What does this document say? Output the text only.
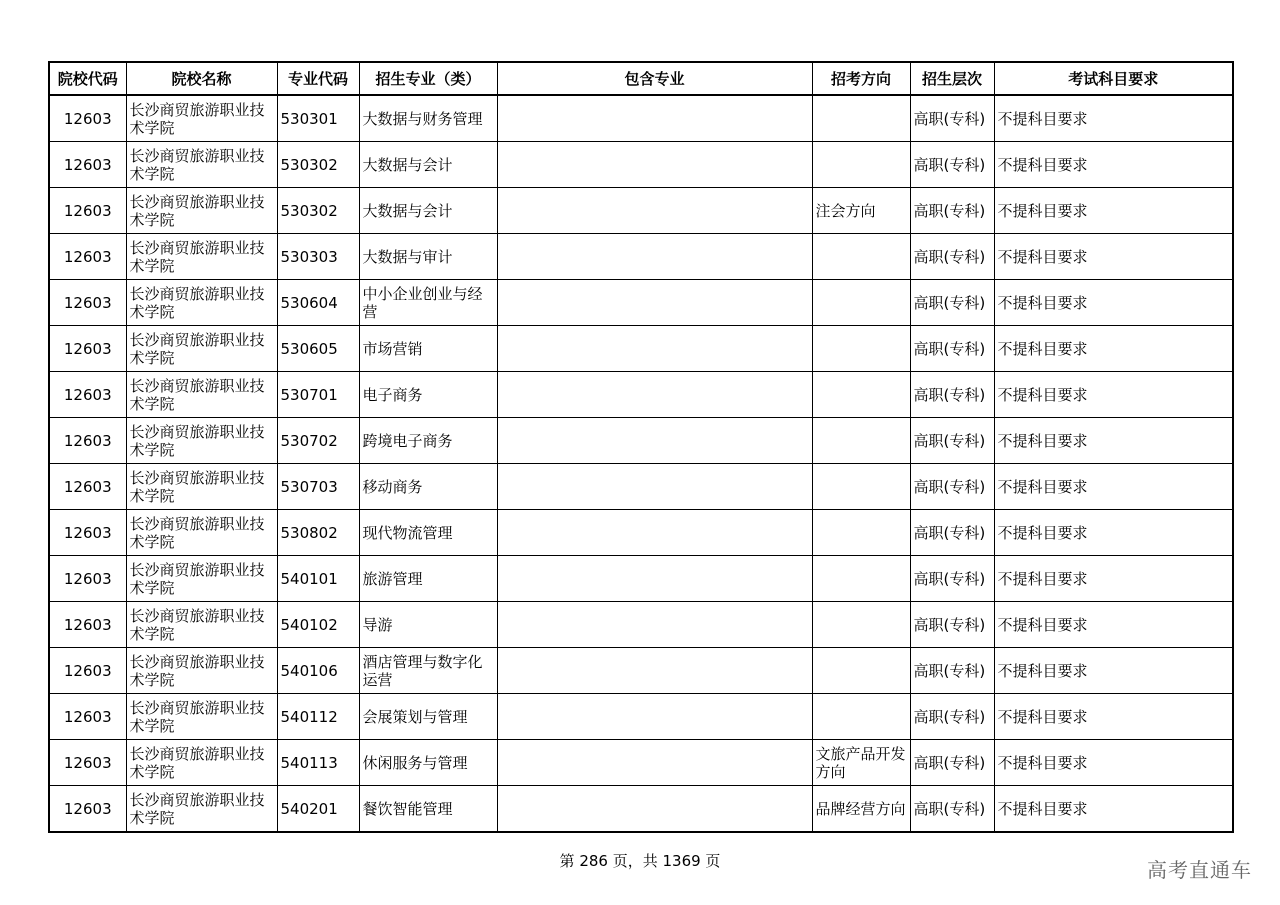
院校代码	院校名称	专业代码	招生专业（类）	包含专业	招考方向	招生层次	考试科目要求
12603	长沙商贸旅游职业技术学院	530301	大数据与财务管理			高职(专科)	不提科目要求
12603	长沙商贸旅游职业技术学院	530302	大数据与会计			高职(专科)	不提科目要求
12603	长沙商贸旅游职业技术学院	530302	大数据与会计		注会方向	高职(专科)	不提科目要求
12603	长沙商贸旅游职业技术学院	530303	大数据与审计			高职(专科)	不提科目要求
12603	长沙商贸旅游职业技术学院	530604	中小企业创业与经营			高职(专科)	不提科目要求
12603	长沙商贸旅游职业技术学院	530605	市场营销			高职(专科)	不提科目要求
12603	长沙商贸旅游职业技术学院	530701	电子商务			高职(专科)	不提科目要求
12603	长沙商贸旅游职业技术学院	530702	跨境电子商务			高职(专科)	不提科目要求
12603	长沙商贸旅游职业技术学院	530703	移动商务			高职(专科)	不提科目要求
12603	长沙商贸旅游职业技术学院	530802	现代物流管理			高职(专科)	不提科目要求
12603	长沙商贸旅游职业技术学院	540101	旅游管理			高职(专科)	不提科目要求
12603	长沙商贸旅游职业技术学院	540102	导游			高职(专科)	不提科目要求
12603	长沙商贸旅游职业技术学院	540106	酒店管理与数字化运营			高职(专科)	不提科目要求
12603	长沙商贸旅游职业技术学院	540112	会展策划与管理			高职(专科)	不提科目要求
12603	长沙商贸旅游职业技术学院	540113	休闲服务与管理		文旅产品开发方向	高职(专科)	不提科目要求
12603	长沙商贸旅游职业技术学院	540201	餐饮智能管理		品牌经营方向	高职(专科)	不提科目要求
第 286 页，共 1369 页	高考直通车
